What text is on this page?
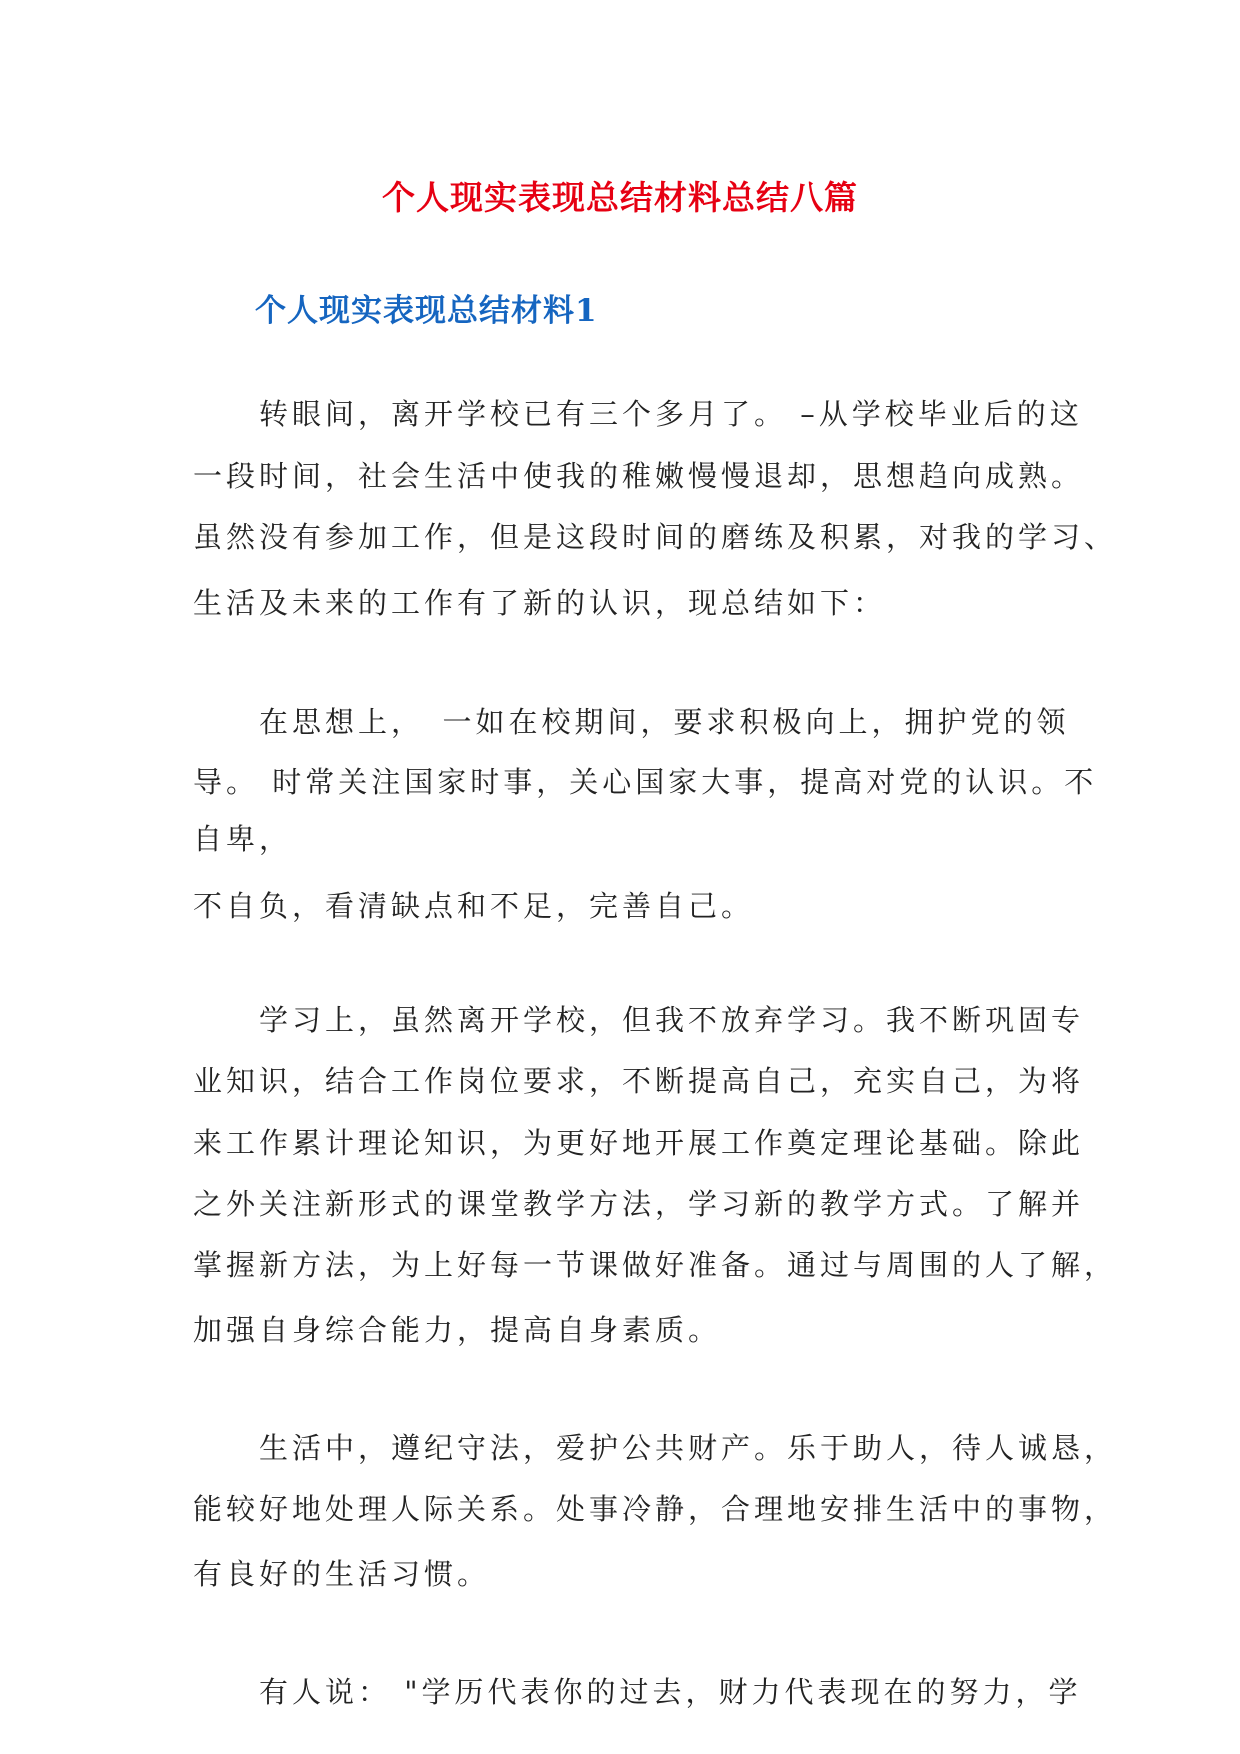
个人现实表现总结材料总结八篇
个人现实表现总结材料1
　　转眼间，离开学校已有三个多月了。 –从学校毕业后的这
一段时间，社会生活中使我的稚嫩慢慢退却，思想趋向成熟。
虽然没有参加工作，但是这段时间的磨练及积累，对我的学习、
生活及未来的工作有了新的认识，现总结如下：
　　在思想上，　一如在校期间，要求积极向上，拥护党的领
导。 时常关注国家时事，关心国家大事，提高对党的认识。不
自卑，
不自负，看清缺点和不足，完善自己。
　　学习上，虽然离开学校，但我不放弃学习。我不断巩固专
业知识，结合工作岗位要求，不断提高自己，充实自己，为将
来工作累计理论知识，为更好地开展工作奠定理论基础。除此
之外关注新形式的课堂教学方法，学习新的教学方式。了解并
掌握新方法，为上好每一节课做好准备。通过与周围的人了解，
加强自身综合能力，提高自身素质。
　　生活中，遵纪守法，爱护公共财产。乐于助人，待人诚恳，
能较好地处理人际关系。处事冷静，合理地安排生活中的事物，
有良好的生活习惯。
　　有人说： "学历代表你的过去，财力代表现在的努力，学
